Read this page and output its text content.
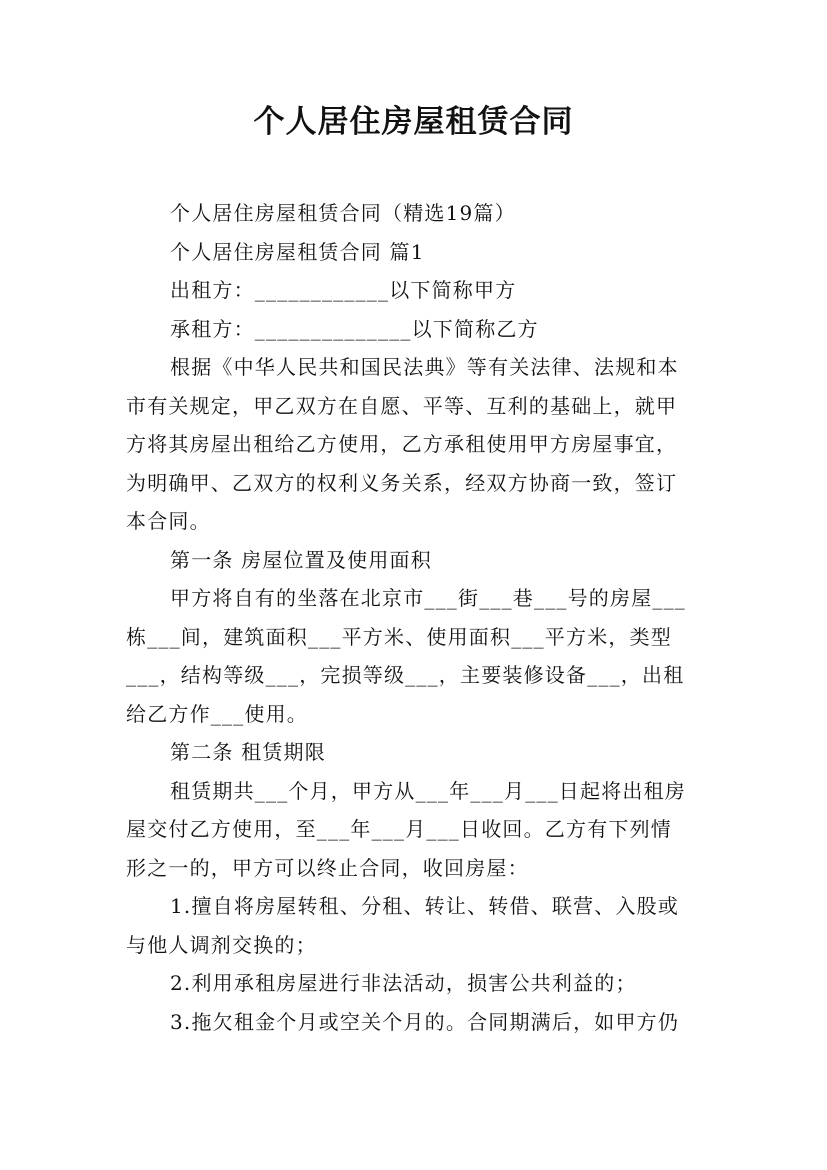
个人居住房屋租赁合同
个人居住房屋租赁合同（精选19篇）
个人居住房屋租赁合同 篇1
出租方：____________以下简称甲方
承租方：______________以下简称乙方
根据《中华人民共和国民法典》等有关法律、法规和本
市有关规定，甲乙双方在自愿、平等、互利的基础上，就甲
方将其房屋出租给乙方使用，乙方承租使用甲方房屋事宜，
为明确甲、乙双方的权利义务关系，经双方协商一致，签订
本合同。
第一条 房屋位置及使用面积
甲方将自有的坐落在北京市___街___巷___号的房屋___
栋___间，建筑面积___平方米、使用面积___平方米，类型
___，结构等级___，完损等级___，主要装修设备___，出租
给乙方作___使用。
第二条 租赁期限
租赁期共___个月，甲方从___年___月___日起将出租房
屋交付乙方使用，至___年___月___日收回。乙方有下列情
形之一的，甲方可以终止合同，收回房屋：
1.擅自将房屋转租、分租、转让、转借、联营、入股或
与他人调剂交换的；
2.利用承租房屋进行非法活动，损害公共利益的；
3.拖欠租金个月或空关个月的。合同期满后，如甲方仍
